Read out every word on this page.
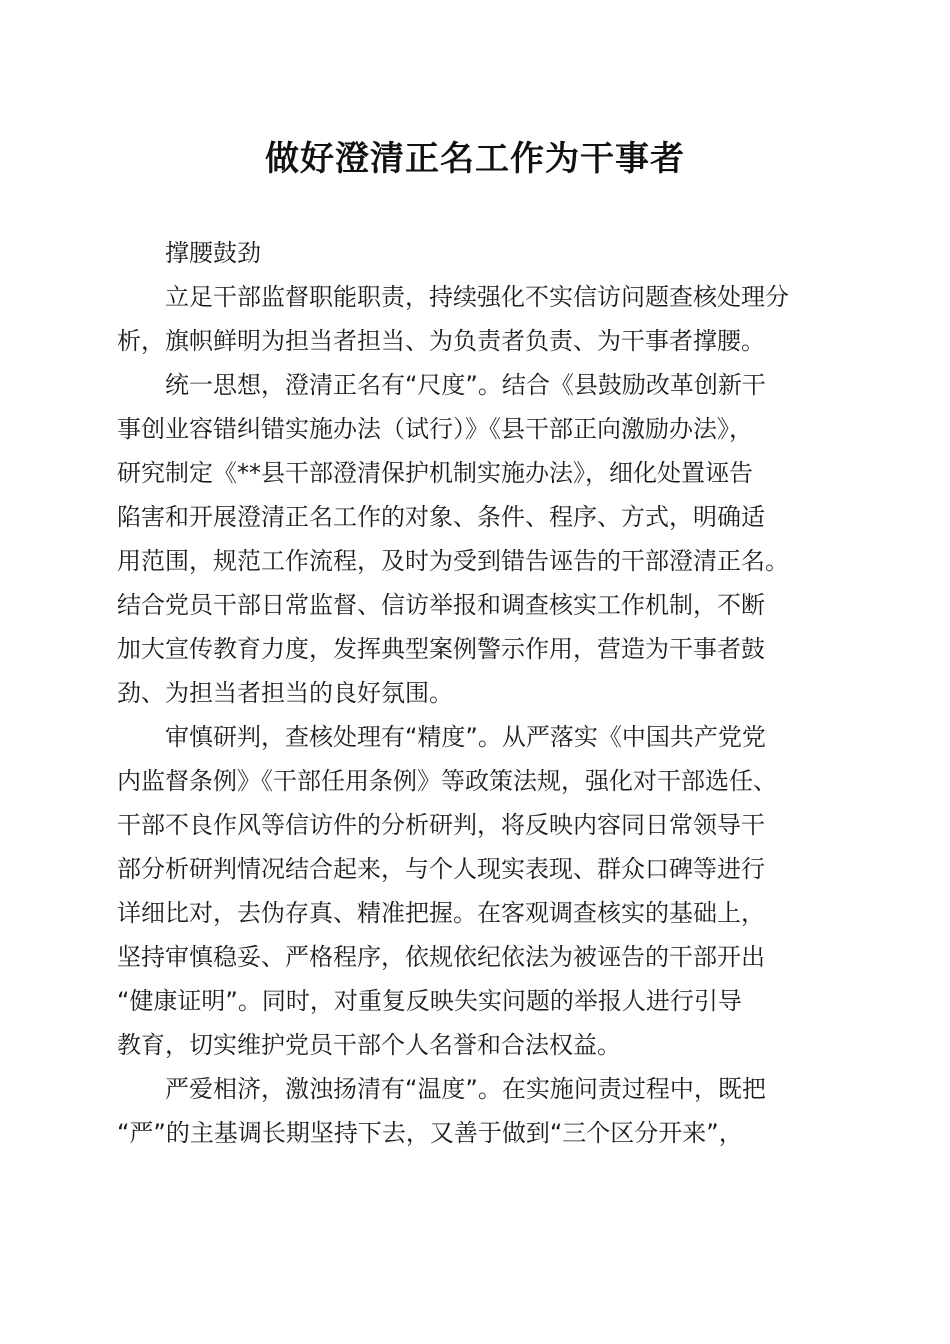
做好澄清正名工作为干事者
　　撑腰鼓劲
　　立足干部监督职能职责，持续强化不实信访问题查核处理分
析，旗帜鲜明为担当者担当、为负责者负责、为干事者撑腰。
　　统一思想，澄清正名有“尺度”。结合《县鼓励改革创新干
事创业容错纠错实施办法（试行）》《县干部正向激励办法》，
研究制定《**县干部澄清保护机制实施办法》，细化处置诬告
陷害和开展澄清正名工作的对象、条件、程序、方式，明确适
用范围，规范工作流程，及时为受到错告诬告的干部澄清正名。
结合党员干部日常监督、信访举报和调查核实工作机制，不断
加大宣传教育力度，发挥典型案例警示作用，营造为干事者鼓
劲、为担当者担当的良好氛围。
　　审慎研判，查核处理有“精度”。从严落实《中国共产党党
内监督条例》《干部任用条例》等政策法规，强化对干部选任、
干部不良作风等信访件的分析研判，将反映内容同日常领导干
部分析研判情况结合起来，与个人现实表现、群众口碑等进行
详细比对，去伪存真、精准把握。在客观调查核实的基础上，
坚持审慎稳妥、严格程序，依规依纪依法为被诬告的干部开出
“健康证明”。同时，对重复反映失实问题的举报人进行引导
教育，切实维护党员干部个人名誉和合法权益。
　　严爱相济，激浊扬清有“温度”。在实施问责过程中，既把
“严”的主基调长期坚持下去，又善于做到“三个区分开来”，
